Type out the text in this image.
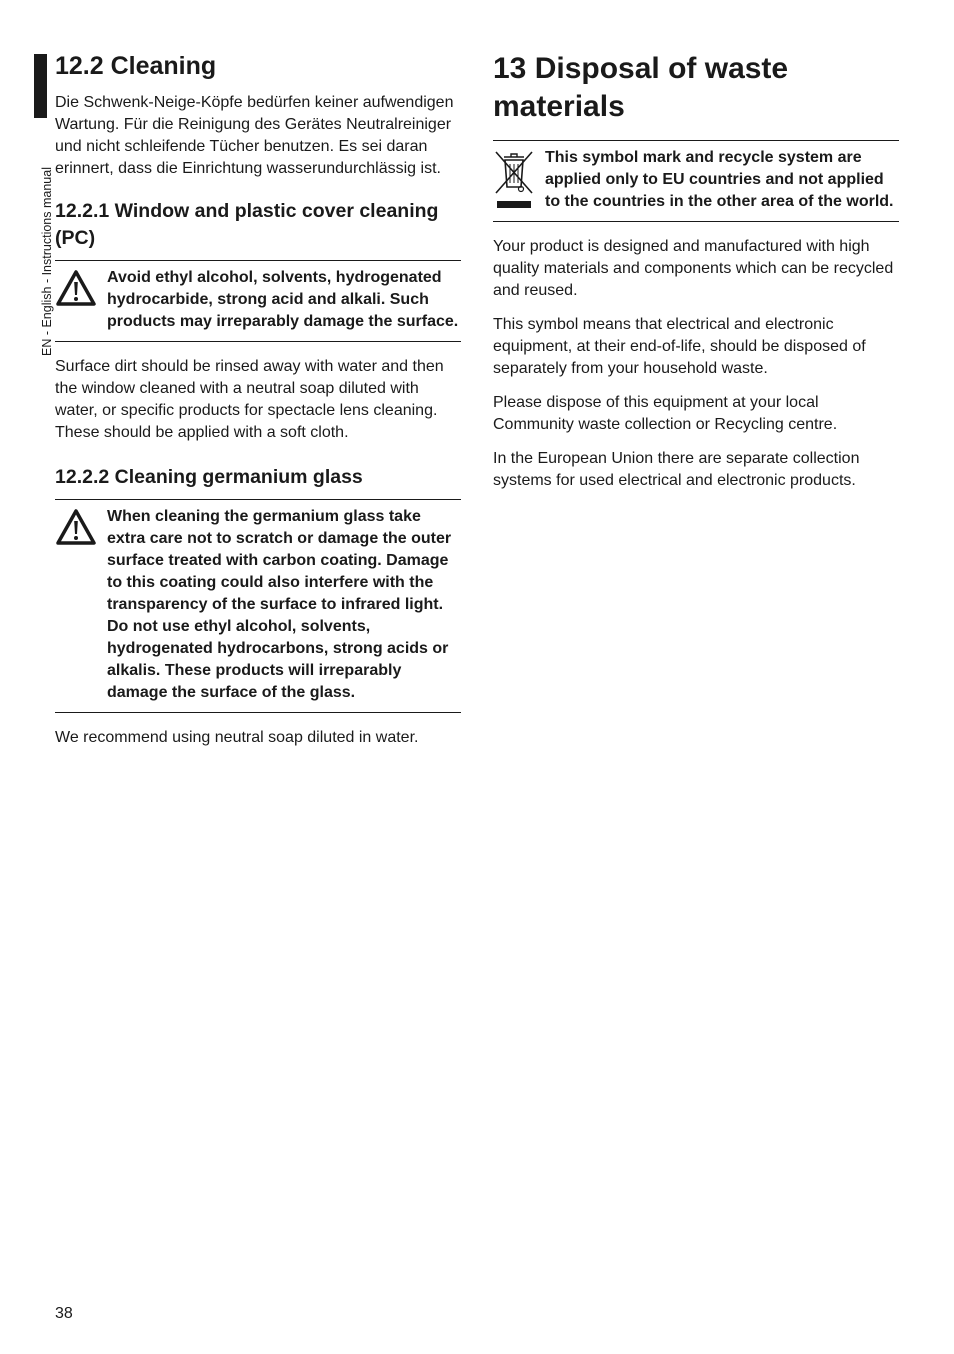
EN - English - Instructions manual
12.2 Cleaning

Die Schwenk-Neige-Köpfe bedürfen keiner aufwendigen Wartung. Für die Reinigung des Gerätes Neutralreiniger und nicht schleifende Tücher benutzen. Es sei daran erinnert, dass die Einrichtung wasserundurchlässig ist.

12.2.1 Window and plastic cover cleaning (PC)
Avoid ethyl alcohol, solvents, hydrogenated hydrocarbide, strong acid and alkali. Such products may irreparably damage the surface.

Surface dirt should be rinsed away with water and then the window cleaned with a neutral soap diluted with water, or specific products for spectacle lens cleaning. These should be applied with a soft cloth.

12.2.2 Cleaning germanium glass
When cleaning the germanium glass take extra care not to scratch or damage the outer surface treated with carbon coating. Damage to this coating could also interfere with the transparency of the surface to infrared light. Do not use ethyl alcohol, solvents, hydrogenated hydrocarbons, strong acids or alkalis. These products will irreparably damage the surface of the glass.

We recommend using neutral soap diluted in water.

13 Disposal of waste materials
This symbol mark and recycle system are applied only to EU countries and not applied to the countries in the other area of the world.

Your product is designed and manufactured with high quality materials and components which can be recycled and reused.

This symbol means that electrical and electronic equipment, at their end-of-life, should be disposed of separately from your household waste.

Please dispose of this equipment at your local Community waste collection or Recycling centre.

In the European Union there are separate collection systems for used electrical and electronic products.

38
